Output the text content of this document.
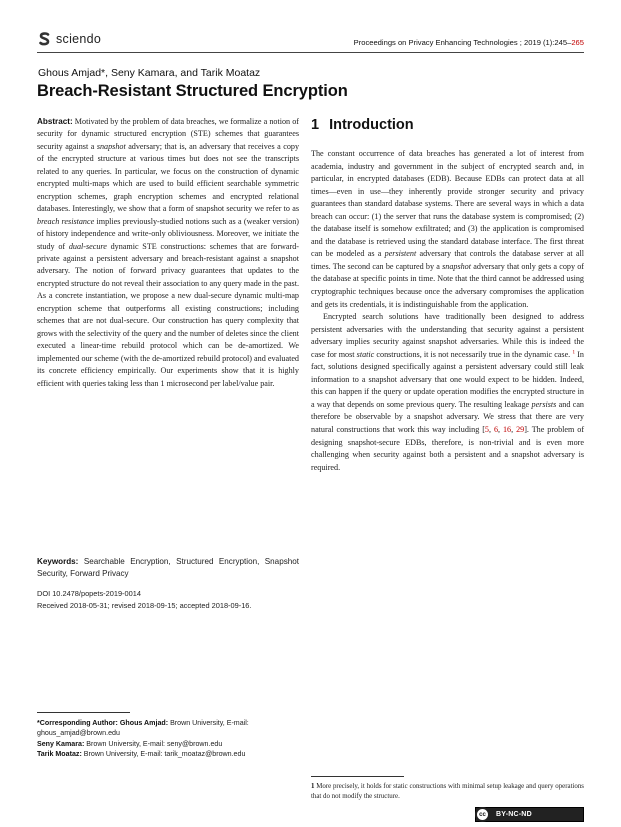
sciendo	Proceedings on Privacy Enhancing Technologies ; 2019 (1):245–265
Ghous Amjad*, Seny Kamara, and Tarik Moataz
Breach-Resistant Structured Encryption

Abstract: Motivated by the problem of data breaches, we formalize a notion of security for dynamic structured encryption (STE) schemes that guarantees security against a snapshot adversary; that is, an adversary that receives a copy of the encrypted structure at various times but does not see the transcripts related to any queries. In particular, we focus on the construction of dynamic encrypted multi-maps which are used to build efficient searchable symmetric encryption schemes, graph encryption schemes and encrypted relational databases. Interestingly, we show that a form of snapshot security we refer to as breach resistance implies previously-studied notions such as a (weaker version) of history independence and write-only obliviousness. Moreover, we initiate the study of dual-secure dynamic STE constructions: schemes that are forward-private against a persistent adversary and breach-resistant against a snapshot adversary. The notion of forward privacy guarantees that updates to the encrypted structure do not reveal their association to any query made in the past. As a concrete instantiation, we propose a new dual-secure dynamic multi-map encryption scheme that outperforms all existing constructions; including schemes that are not dual-secure. Our construction has query complexity that grows with the selectivity of the query and the number of deletes since the client executed a linear-time rebuild protocol which can be de-amortized. We implemented our scheme (with the de-amortized rebuild protocol) and evaluated its concrete efficiency empirically. Our experiments show that it is highly efficient with queries taking less than 1 microsecond per label/value pair.

Keywords: Searchable Encryption, Structured Encryption, Snapshot Security, Forward Privacy

DOI 10.2478/popets-2019-0014
Received 2018-05-31; revised 2018-09-15; accepted 2018-09-16.

*Corresponding Author: Ghous Amjad: Brown University, E-mail: ghous_amjad@brown.edu
Seny Kamara: Brown University, E-mail: seny@brown.edu
Tarik Moataz: Brown University, E-mail: tarik_moataz@brown.edu

1 Introduction

The constant occurrence of data breaches has generated a lot of interest from academia, industry and government in the subject of encrypted search and, in particular, in encrypted databases (EDB). Because EDBs can protect data at all times—even in use—they inherently provide stronger security and privacy guarantees than standard database systems. There are several ways in which a data breach can occur: (1) the server that runs the database system is compromised; (2) the database itself is somehow exfiltrated; and (3) the application is compromised and the database is retrieved using the standard database interface. The first threat can be modeled as a persistent adversary that controls the database server at all times. The second can be captured by a snapshot adversary that only gets a copy of the database at specific points in time. Note that the third cannot be addressed using cryptographic techniques because once the adversary compromises the application and gets its credentials, it is indistinguishable from the application.

Encrypted search solutions have traditionally been designed to address persistent adversaries with the understanding that security against a persistent adversary implies security against snapshot adversaries. While this is indeed the case for most static constructions, it is not necessarily true in the dynamic case. $^1$ In fact, solutions designed specifically against a persistent adversary could still leak information to a snapshot adversary that one would expect to be hidden. Indeed, this can happen if the query or update operation modifies the encrypted structure in a way that depends on some previous query. The resulting leakage persists and can therefore be observable by a snapshot adversary. We stress that there are very natural constructions that work this way including [5, 6, 16, 29]. The problem of designing snapshot-secure EDBs, therefore, is non-trivial and is even more challenging when security against both a persistent and a snapshot adversary is required.

1 More precisely, it holds for static constructions with minimal setup leakage and query operations that do not modify the structure.

cc	BY-NC-ND
